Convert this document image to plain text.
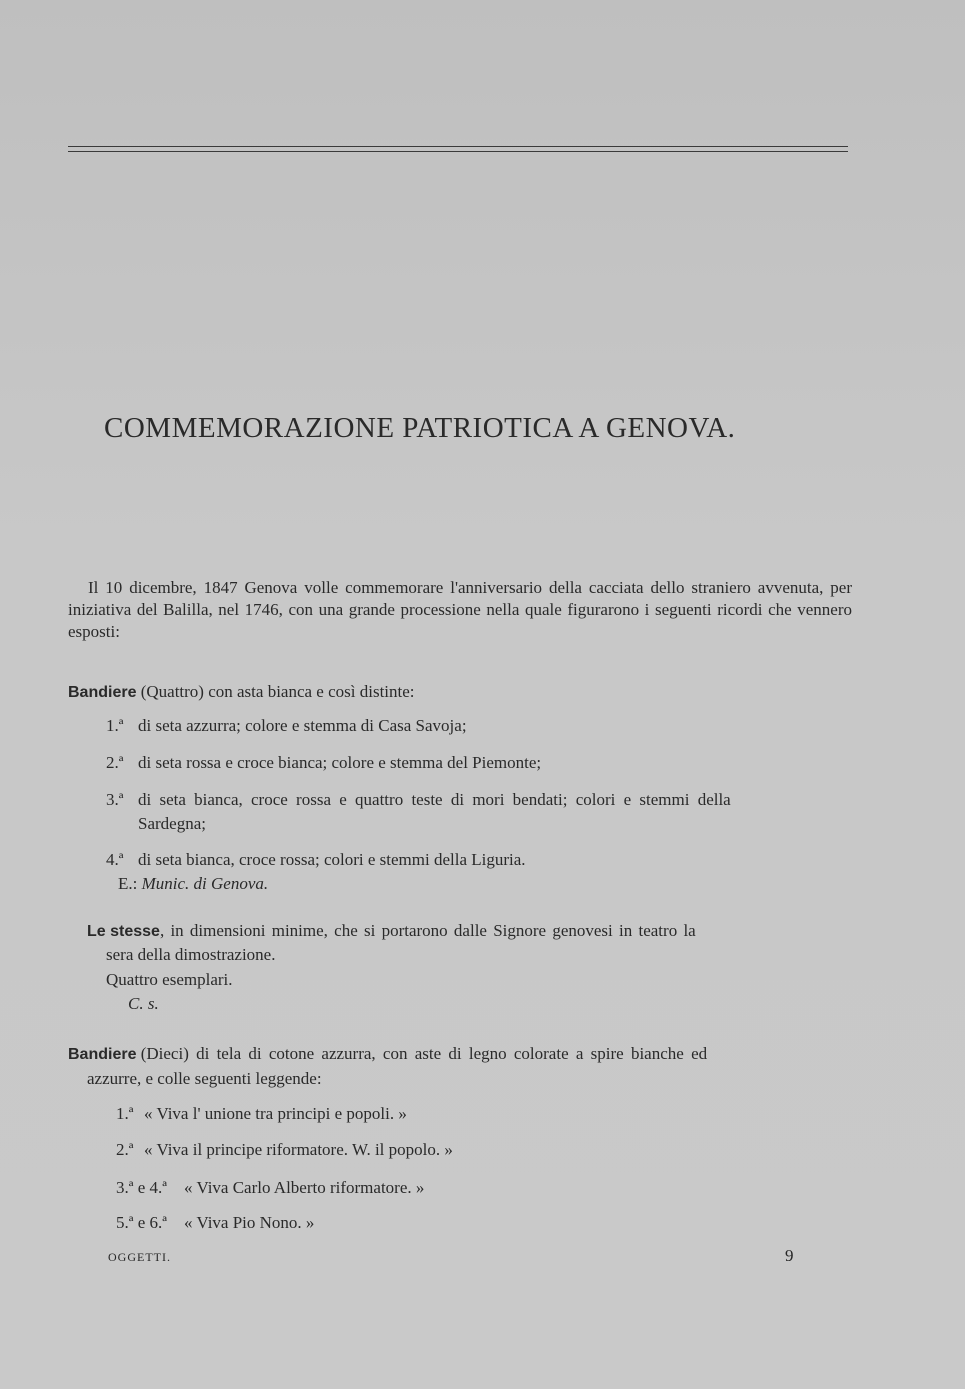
COMMEMORAZIONE PATRIOTICA A GENOVA.
Il 10 dicembre, 1847 Genova volle commemorare l'anniversario della cacciata dello straniero avvenuta, per iniziativa del Balilla, nel 1746, con una grande processione nella quale figurarono i seguenti ricordi che vennero esposti:
Bandiere (Quattro) con asta bianca e così distinte:
1.ª di seta azzurra; colore e stemma di Casa Savoja;
2.ª di seta rossa e croce bianca; colore e stemma del Piemonte;
3.ª di seta bianca, croce rossa e quattro teste di mori bendati; colori e stemmi della
Sardegna;
4.ª di seta bianca, croce rossa; colori e stemmi della Liguria.
E.: Munic. di Genova.
Le stesse, in dimensioni minime, che si portarono dalle Signore genovesi in teatro la
sera della dimostrazione.
Quattro esemplari.
C. s.
Bandiere (Dieci) di tela di cotone azzurra, con aste di legno colorate a spire bianche ed
azzurre, e colle seguenti leggende:
1.ª « Viva l' unione tra principi e popoli. »
2.ª « Viva il principe riformatore. W. il popolo. »
3.ª e 4.ª « Viva Carlo Alberto riformatore. »
5.ª e 6.ª « Viva Pio Nono. »
OGGETTI.	9
